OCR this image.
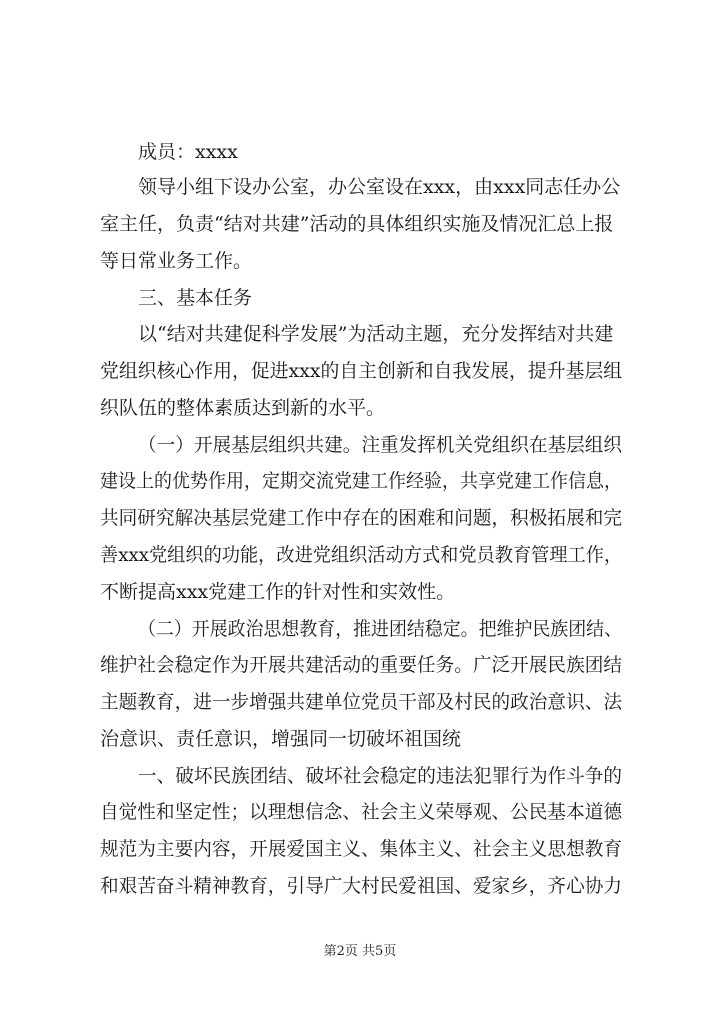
成员：xxxx

领导小组下设办公室，办公室设在xxx，由xxx同志任办公

室主任，负责“结对共建”活动的具体组织实施及情况汇总上报

等日常业务工作。

三、基本任务

以“结对共建促科学发展”为活动主题，充分发挥结对共建

党组织核心作用，促进xxx的自主创新和自我发展，提升基层组

织队伍的整体素质达到新的水平。

（一）开展基层组织共建。注重发挥机关党组织在基层组织

建设上的优势作用，定期交流党建工作经验，共享党建工作信息，

共同研究解决基层党建工作中存在的困难和问题，积极拓展和完

善xxx党组织的功能，改进党组织活动方式和党员教育管理工作，

不断提高xxx党建工作的针对性和实效性。

（二）开展政治思想教育，推进团结稳定。把维护民族团结、

维护社会稳定作为开展共建活动的重要任务。广泛开展民族团结

主题教育，进一步增强共建单位党员干部及村民的政治意识、法

治意识、责任意识，增强同一切破坏祖国统

一、破坏民族团结、破坏社会稳定的违法犯罪行为作斗争的

自觉性和坚定性；以理想信念、社会主义荣辱观、公民基本道德

规范为主要内容，开展爱国主义、集体主义、社会主义思想教育

和艰苦奋斗精神教育，引导广大村民爱祖国、爱家乡，齐心协力

第2页 共5页
